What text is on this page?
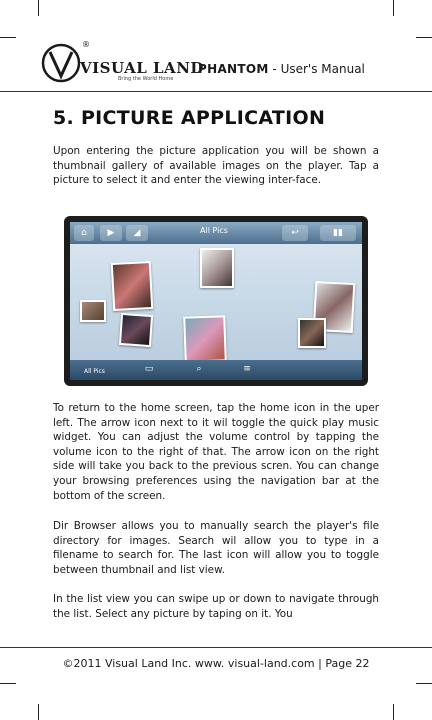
®
VISUAL LAND
Bring the World Home
PHANTOM - User's Manual
5. PICTURE APPLICATION

Upon entering the picture application you will be shown a thumbnail gallery of available images on the player. Tap a picture to select it and enter the viewing inter-face.

⌂	▶	◢	All Pics	↩	▮▮
All Pics	▭	⌕	≡

To return to the home screen, tap the home icon in the uper left. The arrow icon next to it wil toggle the quick play music widget. You can adjust the volume control by tapping the volume icon to the right of that. The arrow icon on the right side will take you back to the previous scren. You can change your browsing preferences using the navigation bar at the bottom of the screen.

Dir Browser allows you to manually search the player's file directory for images. Search wil allow you to type in a filename to search for. The last icon will allow you to toggle between thumbnail and list view.

In the list view you can swipe up or down to navigate through the list. Select any picture by taping on it. You

©2011 Visual Land Inc. www. visual-land.com | Page 22
